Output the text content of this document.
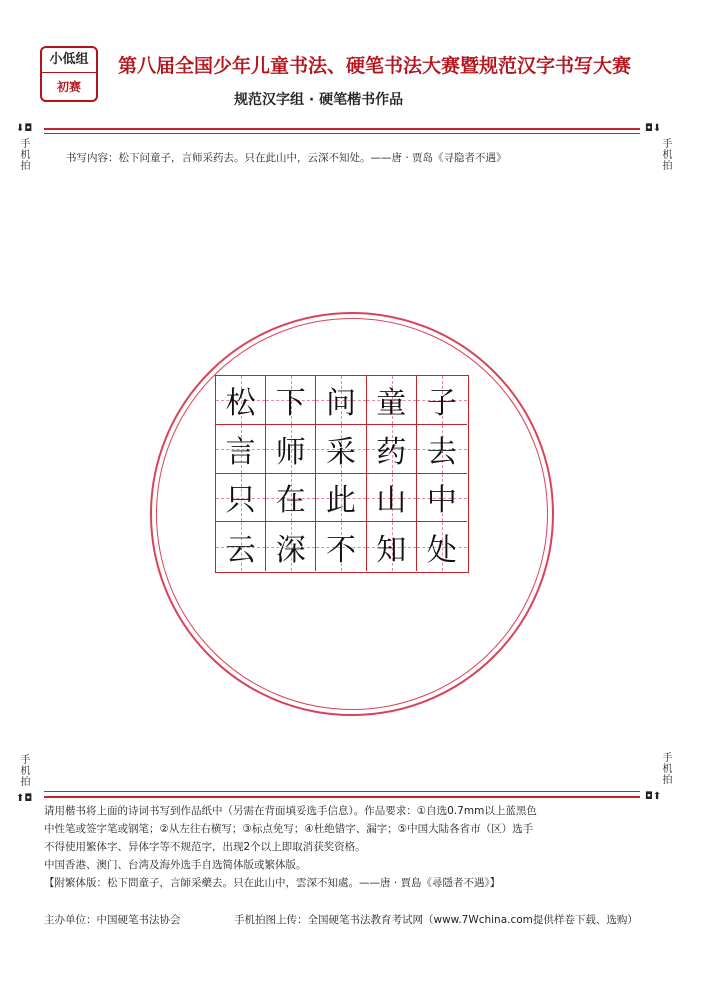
小低组
初赛
第八届全国少年儿童书法、硬笔书法大赛暨规范汉字书写大赛
规范汉字组 · 硬笔楷书作品
⬇◘
手机拍
◘⬇
手机拍
书写内容：松下问童子，言师采药去。只在此山中，云深不知处。——唐 · 贾岛《寻隐者不遇》
松 下 问 童 子
言 师 采 药 去
只 在 此 山 中
云 深 不 知 处
手机拍
⬆◘
手机拍
◘⬆
请用楷书将上面的诗词书写到作品纸中（另需在背面填妥选手信息）。作品要求：①自选0.7mm以上蓝黑色
中性笔或签字笔或钢笔；②从左往右横写；③标点免写；④杜绝错字、漏字；⑤中国大陆各省市（区）选手
不得使用繁体字、异体字等不规范字，出现2个以上即取消获奖资格。
中国香港、澳门、台湾及海外选手自选简体版或繁体版。
【附繁体版：松下問童子，言師采藥去。只在此山中，雲深不知處。——唐 · 賈島《尋隱者不遇》】
主办单位：中国硬笔书法协会	手机拍图上传：全国硬笔书法教育考试网（www.7Wchina.com提供样卷下载、选购）
